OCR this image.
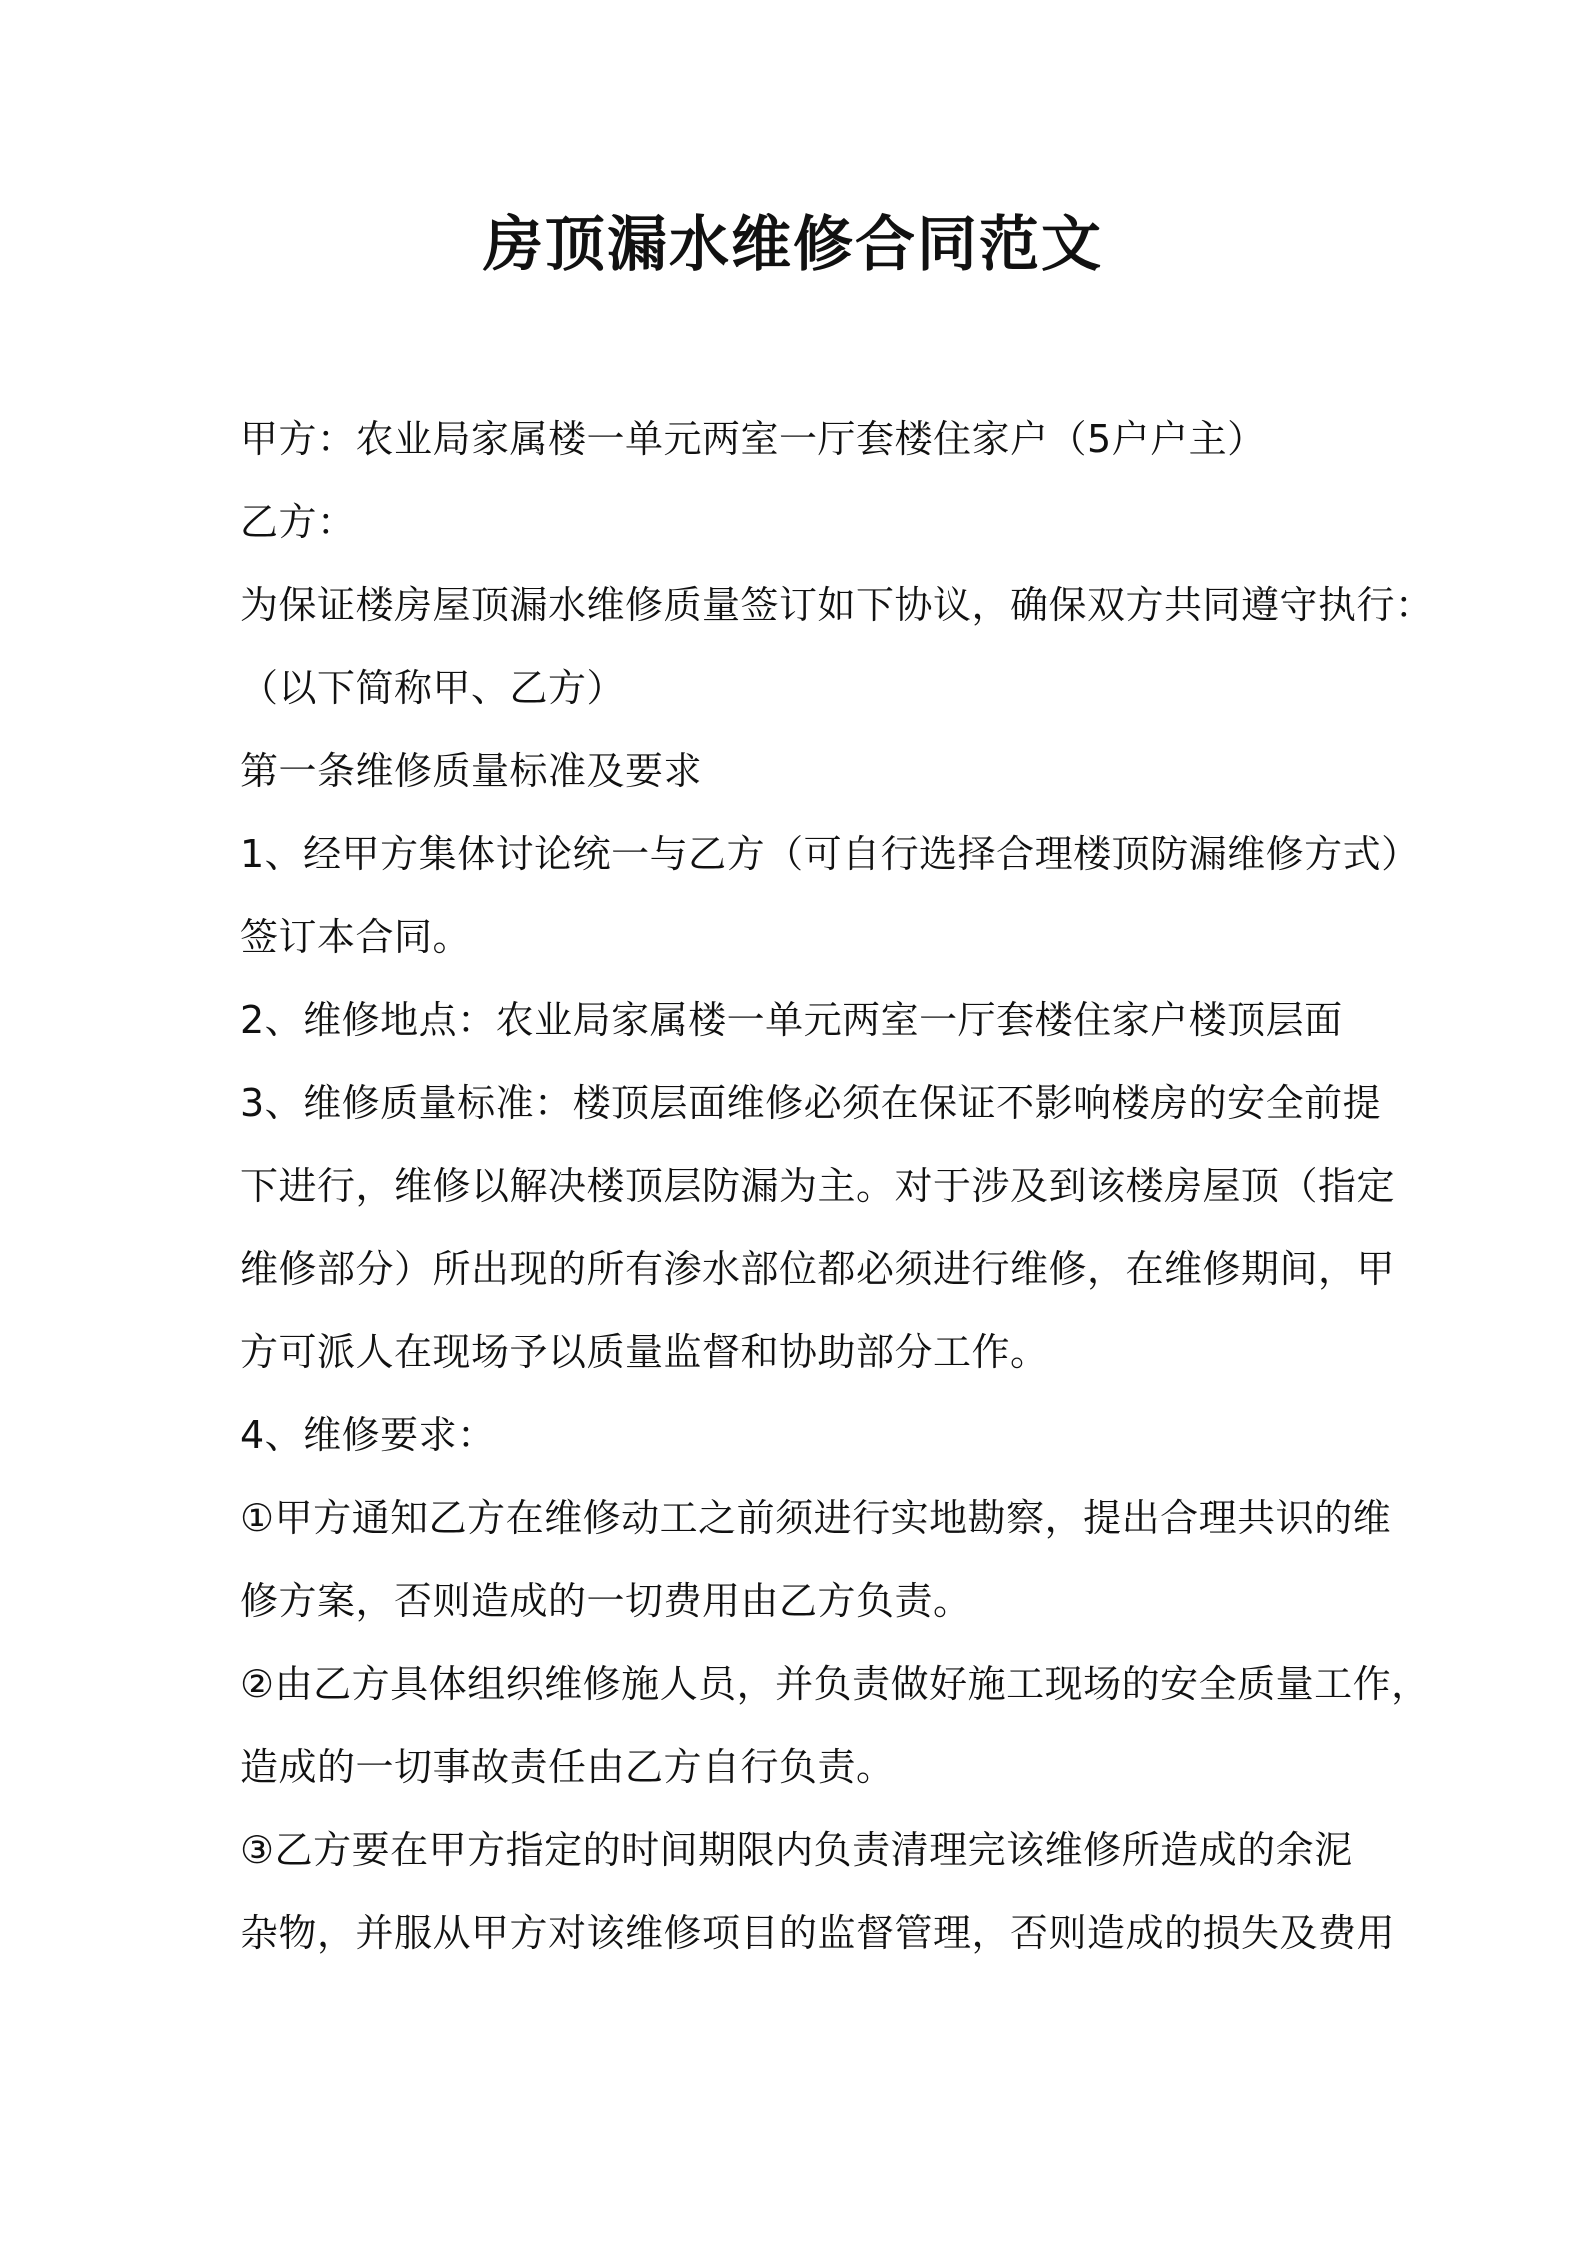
房顶漏水维修合同范文

甲方：农业局家属楼一单元两室一厅套楼住家户（5户户主）

乙方：

为保证楼房屋顶漏水维修质量签订如下协议，确保双方共同遵守执行：

（以下简称甲、乙方）

第一条维修质量标准及要求

1、经甲方集体讨论统一与乙方（可自行选择合理楼顶防漏维修方式）

签订本合同。

2、维修地点：农业局家属楼一单元两室一厅套楼住家户楼顶层面

3、维修质量标准：楼顶层面维修必须在保证不影响楼房的安全前提

下进行，维修以解决楼顶层防漏为主。对于涉及到该楼房屋顶（指定

维修部分）所出现的所有渗水部位都必须进行维修，在维修期间，甲

方可派人在现场予以质量监督和协助部分工作。

4、维修要求：

①甲方通知乙方在维修动工之前须进行实地勘察，提出合理共识的维

修方案，否则造成的一切费用由乙方负责。

②由乙方具体组织维修施人员，并负责做好施工现场的安全质量工作，

造成的一切事故责任由乙方自行负责。

③乙方要在甲方指定的时间期限内负责清理完该维修所造成的余泥

杂物，并服从甲方对该维修项目的监督管理，否则造成的损失及费用
